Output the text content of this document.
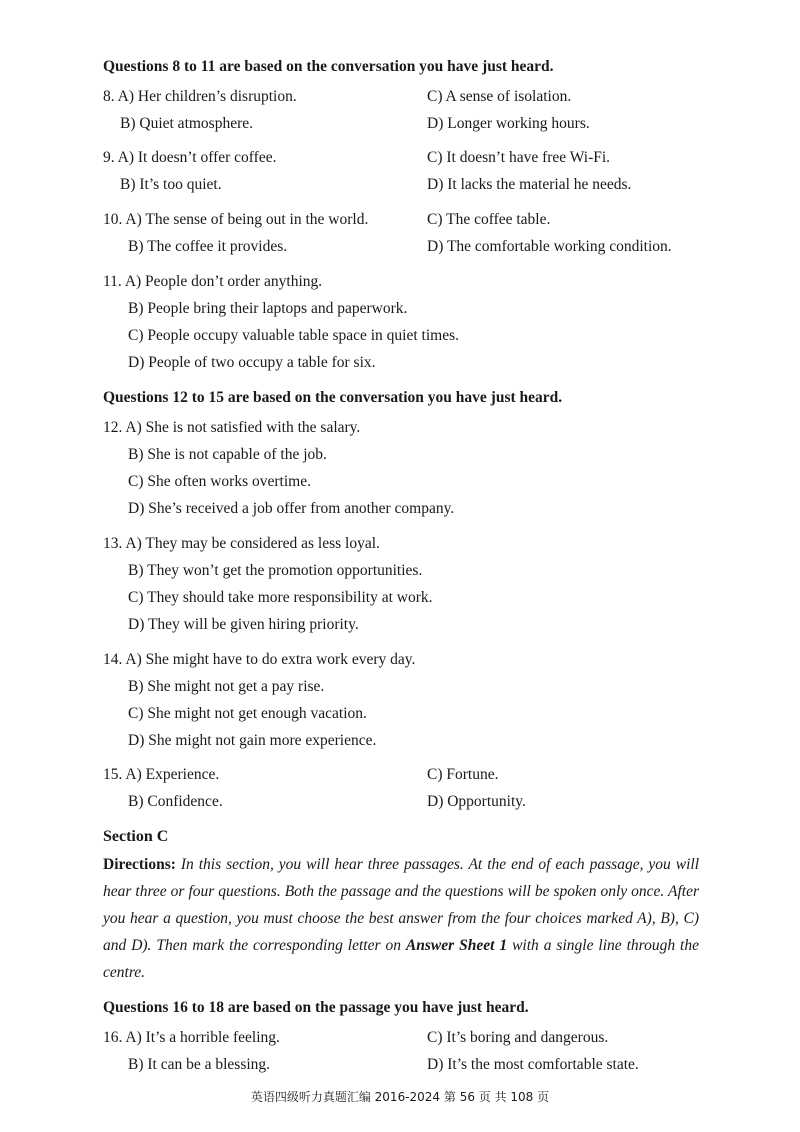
Questions 8 to 11 are based on the conversation you have just heard.
8. A) Her children’s disruption.	C) A sense of isolation.
B) Quiet atmosphere.	D) Longer working hours.
9. A) It doesn’t offer coffee.	C) It doesn’t have free Wi-Fi.
B) It’s too quiet.	D) It lacks the material he needs.
10. A) The sense of being out in the world.	C) The coffee table.
B) The coffee it provides.	D) The comfortable working condition.
11. A) People don’t order anything.
B) People bring their laptops and paperwork.
C) People occupy valuable table space in quiet times.
D) People of two occupy a table for six.
Questions 12 to 15 are based on the conversation you have just heard.
12. A) She is not satisfied with the salary.
B) She is not capable of the job.
C) She often works overtime.
D) She’s received a job offer from another company.
13. A) They may be considered as less loyal.
B) They won’t get the promotion opportunities.
C) They should take more responsibility at work.
D) They will be given hiring priority.
14. A) She might have to do extra work every day.
B) She might not get a pay rise.
C) She might not get enough vacation.
D) She might not gain more experience.
15. A) Experience.	C) Fortune.
B) Confidence.	D) Opportunity.
Section C
Directions: In this section, you will hear three passages. At the end of each passage, you will hear three or four questions. Both the passage and the questions will be spoken only once. After you hear a question, you must choose the best answer from the four choices marked A), B), C) and D). Then mark the corresponding letter on Answer Sheet 1 with a single line through the centre.
Questions 16 to 18 are based on the passage you have just heard.
16. A) It’s a horrible feeling.	C) It’s boring and dangerous.
B) It can be a blessing.	D) It’s the most comfortable state.
英语四级听力真题汇编 2016-2024 第 56 页 共 108 页
